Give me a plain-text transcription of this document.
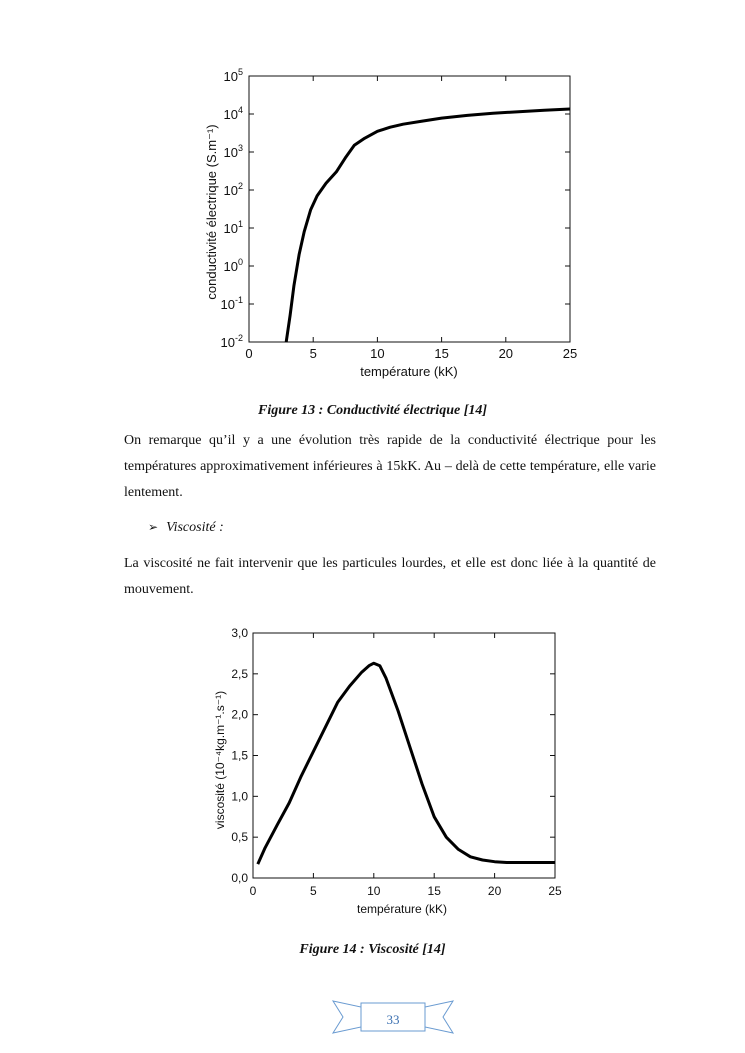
0	5	10	15	20	25
$10^{-2}$
$10^{-1}$
$10^0$
$10^1$
$10^2$
$10^3$
$10^4$
$10^5$
température (kK)
conductivité électrique (S.m⁻¹)
Figure 13 : Conductivité électrique [14]
On remarque qu’il y a une évolution très rapide de la conductivité électrique pour les températures approximativement inférieures à 15kK. Au – delà de cette température, elle varie lentement.
➢ Viscosité :
La viscosité ne fait intervenir que les particules lourdes, et elle est donc liée à la quantité de mouvement.
0	5	10	15	20	25
0,0
0,5
1,0
1,5
2,0
2,5
3,0
température (kK)
viscosité (10⁻⁴kg.m⁻¹.s⁻¹)
Figure 14 : Viscosité [14]
33
